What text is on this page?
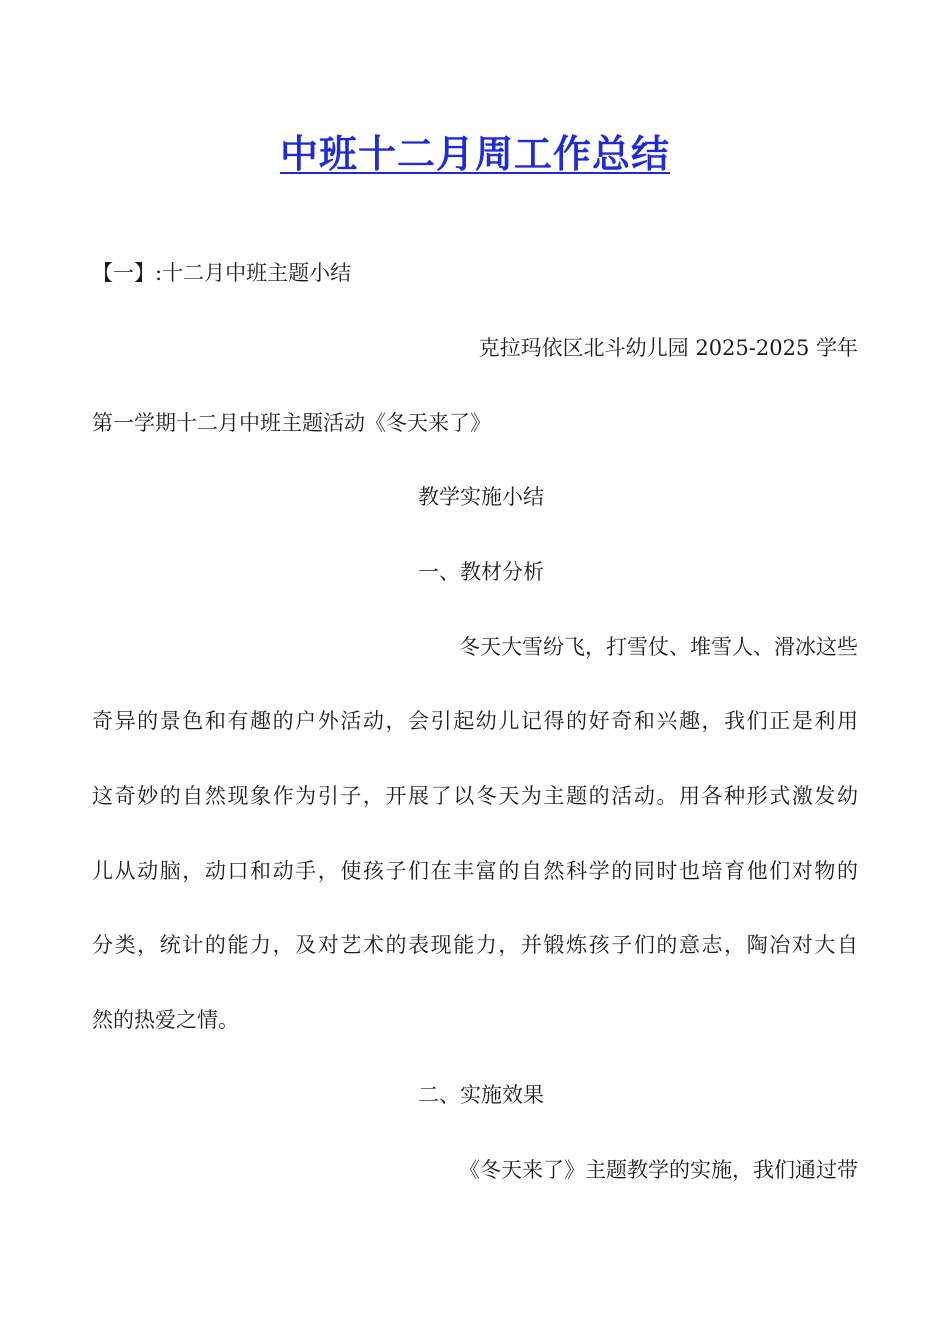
中班十二月周工作总结
【一】:十二月中班主题小结
克拉玛依区北斗幼儿园 2025-2025 学年
第一学期十二月中班主题活动《冬天来了》
教学实施小结
一、教材分析
冬天大雪纷飞，打雪仗、堆雪人、滑冰这些
奇异的景色和有趣的户外活动，会引起幼儿记得的好奇和兴趣，我们正是利用
这奇妙的自然现象作为引子，开展了以冬天为主题的活动。用各种形式激发幼
儿从动脑，动口和动手，使孩子们在丰富的自然科学的同时也培育他们对物的
分类，统计的能力，及对艺术的表现能力，并锻炼孩子们的意志，陶冶对大自
然的热爱之情。
二、实施效果
《冬天来了》主题教学的实施，我们通过带
